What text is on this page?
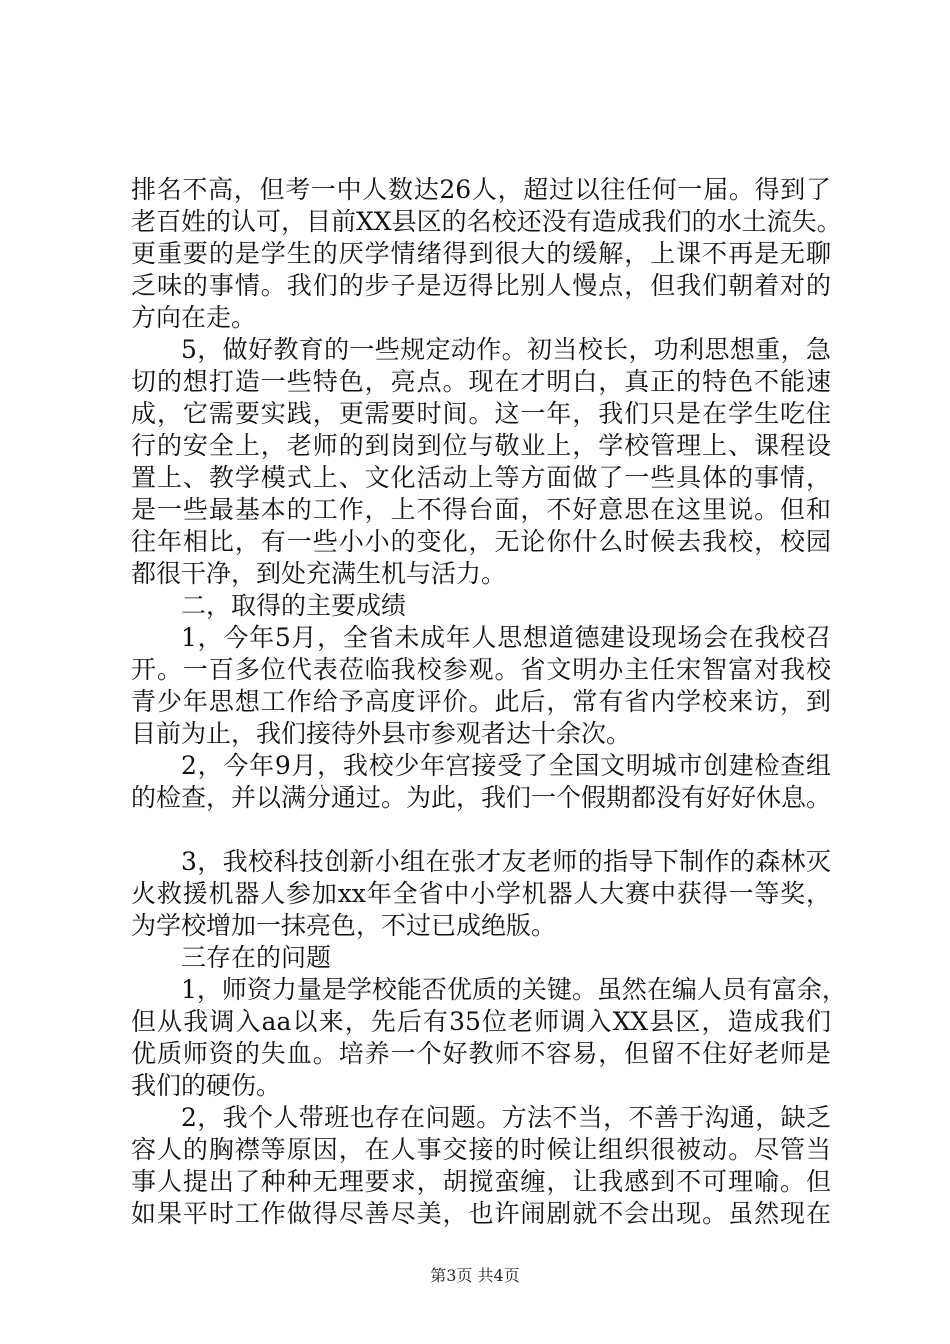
排名不高，但考一中人数达26人，超过以往任何一届。得到了
老百姓的认可，目前XX县区的名校还没有造成我们的水土流失。
更重要的是学生的厌学情绪得到很大的缓解，上课不再是无聊
乏味的事情。我们的步子是迈得比别人慢点，但我们朝着对的
方向在走。
5，做好教育的一些规定动作。初当校长，功利思想重，急
切的想打造一些特色，亮点。现在才明白，真正的特色不能速
成，它需要实践，更需要时间。这一年，我们只是在学生吃住
行的安全上，老师的到岗到位与敬业上，学校管理上、课程设
置上、教学模式上、文化活动上等方面做了一些具体的事情，
是一些最基本的工作，上不得台面，不好意思在这里说。但和
往年相比，有一些小小的变化，无论你什么时候去我校，校园
都很干净，到处充满生机与活力。
二，取得的主要成绩
1，今年5月，全省未成年人思想道德建设现场会在我校召
开。一百多位代表莅临我校参观。省文明办主任宋智富对我校
青少年思想工作给予高度评价。此后，常有省内学校来访，到
目前为止，我们接待外县市参观者达十余次。
2，今年9月，我校少年宫接受了全国文明城市创建检查组
的检查，并以满分通过。为此，我们一个假期都没有好好休息。
3，我校科技创新小组在张才友老师的指导下制作的森林灭
火救援机器人参加xx年全省中小学机器人大赛中获得一等奖，
为学校增加一抹亮色，不过已成绝版。
三存在的问题
1，师资力量是学校能否优质的关键。虽然在编人员有富余，
但从我调入aa以来，先后有35位老师调入XX县区，造成我们
优质师资的失血。培养一个好教师不容易，但留不住好老师是
我们的硬伤。
2，我个人带班也存在问题。方法不当，不善于沟通，缺乏
容人的胸襟等原因，在人事交接的时候让组织很被动。尽管当
事人提出了种种无理要求，胡搅蛮缠，让我感到不可理喻。但
如果平时工作做得尽善尽美，也许闹剧就不会出现。虽然现在
第3页 共4页
